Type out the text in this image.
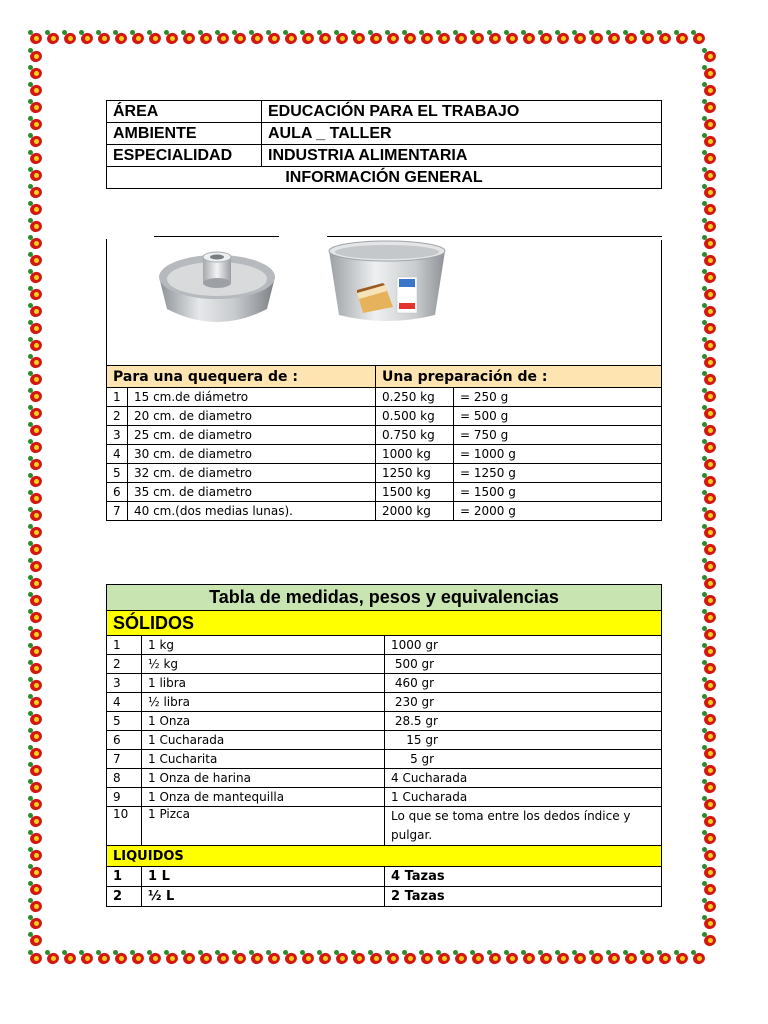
ÁREA	EDUCACIÓN PARA EL TRABAJO
AMBIENTE	AULA _ TALLER
ESPECIALIDAD	INDUSTRIA ALIMENTARIA
INFORMACIÓN GENERAL	
Para una quequera de :		Una preparación de :	
1	15 cm.de diámetro	0.250 kg	= 250 g
2	20 cm. de diametro	0.500 kg	= 500 g
3	25 cm. de diametro	0.750 kg	= 750 g
4	30 cm. de diametro	1000 kg	= 1000 g
5	32 cm. de diametro	1250 kg	= 1250 g
6	35 cm. de diametro	1500 kg	= 1500 g
7	40 cm.(dos medias lunas).	2000 kg	= 2000 g
Tabla de medidas, pesos y equivalencias		
SÓLIDOS		
1	1 kg	1000 gr
2	½ kg	500 gr
3	1 libra	460 gr
4	½ libra	230 gr
5	1 Onza	28.5 gr
6	1 Cucharada	15 gr
7	1 Cucharita	5 gr
8	1 Onza de harina	4 Cucharada
9	1 Onza de mantequilla	1 Cucharada
10	1 Pizca	Lo que se toma entre los dedos índice y pulgar.
LIQUIDOS		
1	1 L	4 Tazas
2	½ L	2 Tazas
